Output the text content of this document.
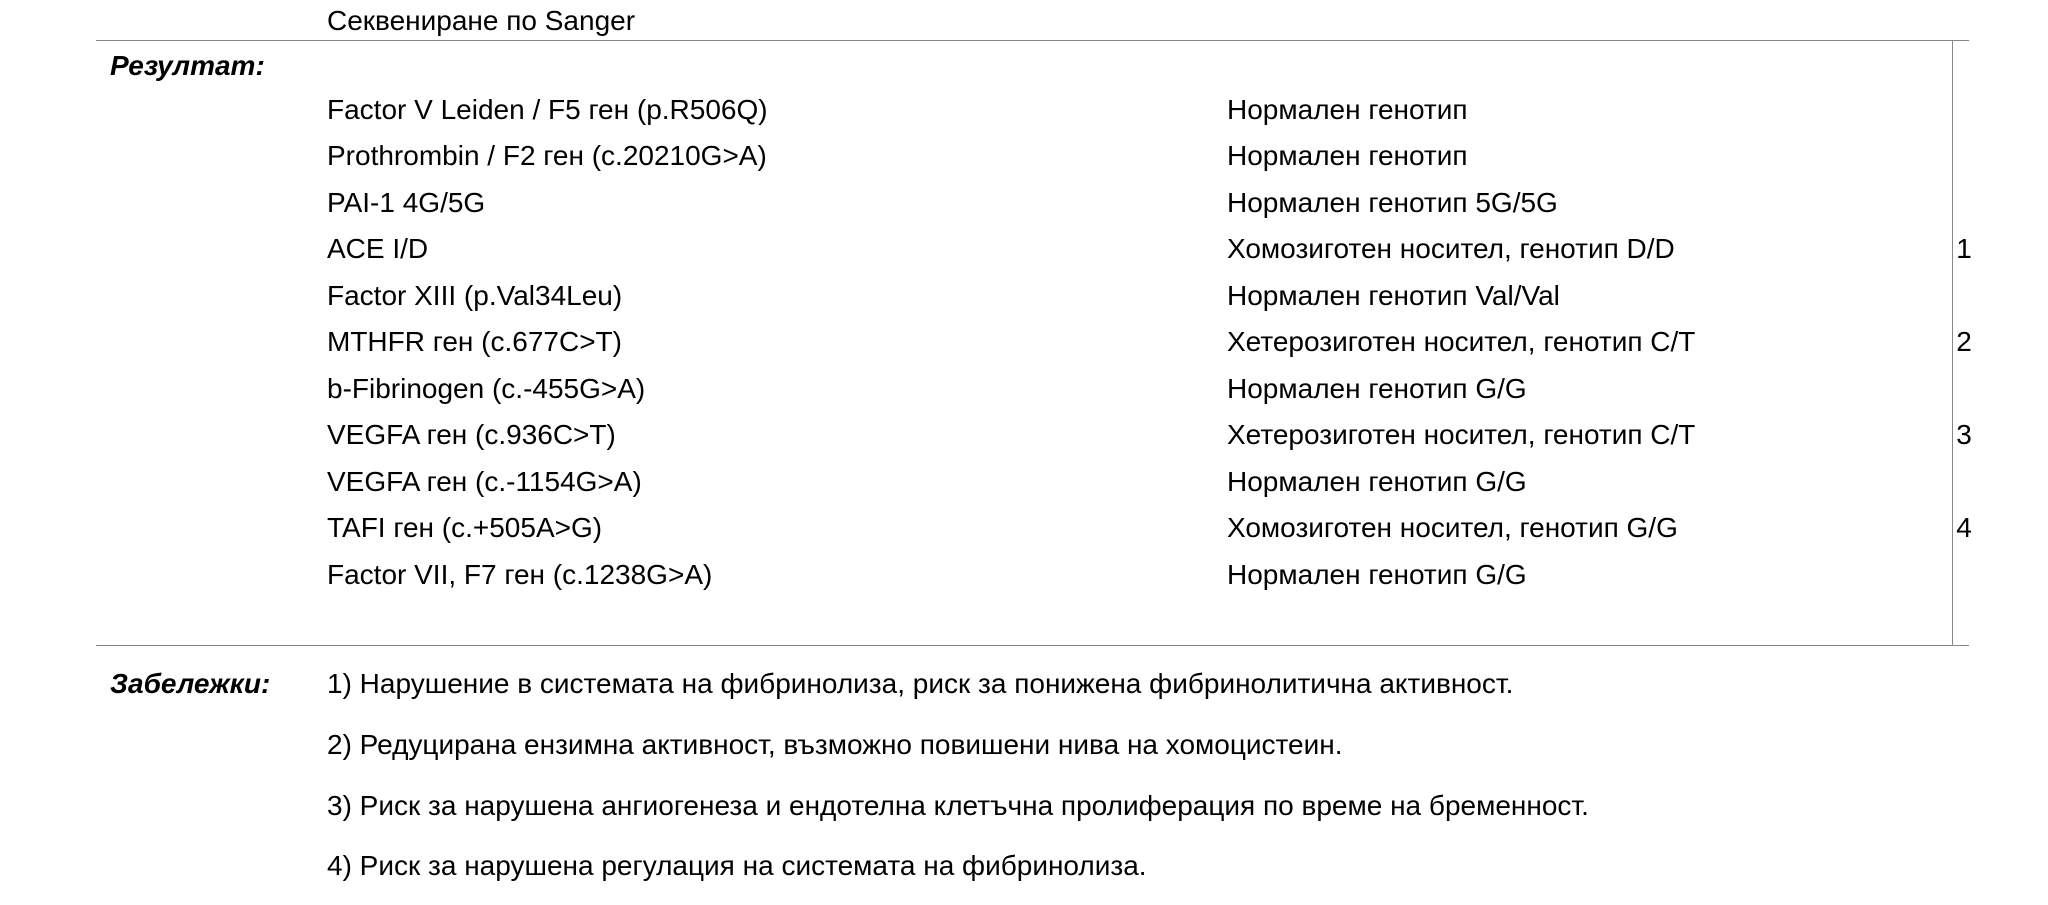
Секвениране по Sanger
Резултат:
Factor V Leiden / F5 ген (p.R506Q)	Нормален генотип
Prothrombin / F2 ген (c.20210G>A)	Нормален генотип
PAI-1 4G/5G	Нормален генотип 5G/5G
ACE I/D	Хомозиготен носител, генотип D/D	1
Factor XIII (p.Val34Leu)	Нормален генотип Val/Val
MTHFR ген (c.677C>T)	Хетерозиготен носител, генотип C/T	2
b-Fibrinogen (c.-455G>A)	Нормален генотип G/G
VEGFA ген (c.936C>T)	Хетерозиготен носител, генотип C/T	3
VEGFA ген (c.-1154G>A)	Нормален генотип G/G
TAFI ген (c.+505A>G)	Хомозиготен носител, генотип G/G	4
Factor VII, F7 ген (c.1238G>A)	Нормален генотип G/G
Забележки: 1) Нарушение в системата на фибринолиза, риск за понижена фибринолитична активност.
2) Редуцирана ензимна активност, възможно повишени нива на хомоцистеин.
3) Риск за нарушена ангиогенеза и ендотелна клетъчна пролиферация по време на бременност.
4) Риск за нарушена регулация на системата на фибринолиза.
